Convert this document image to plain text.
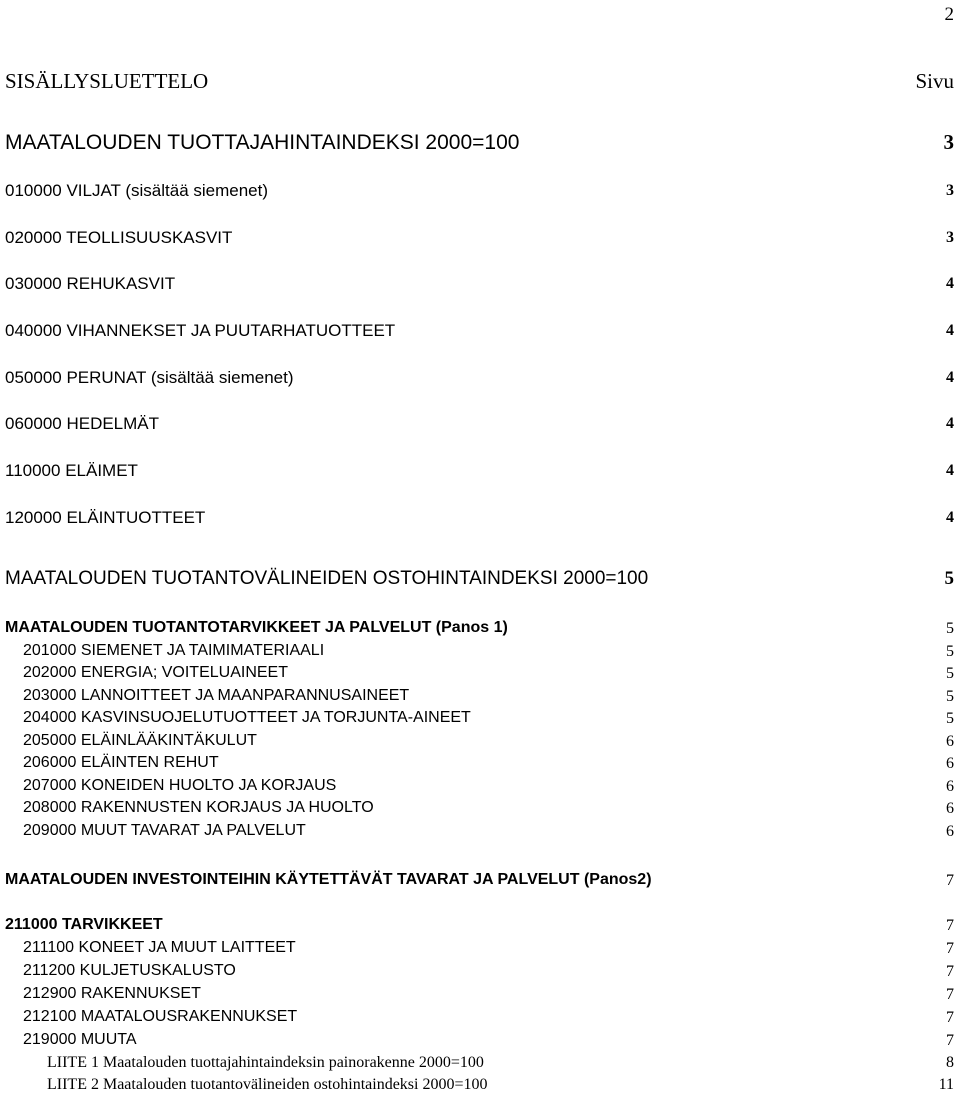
2
SISÄLLYSLUETTELO	Sivu
MAATALOUDEN TUOTTAJAHINTAINDEKSI 2000=100	3
010000 VILJAT (sisältää siemenet)	3
020000 TEOLLISUUSKASVIT	3
030000 REHUKASVIT	4
040000 VIHANNEKSET JA PUUTARHATUOTTEET	4
050000 PERUNAT (sisältää siemenet)	4
060000 HEDELMÄT	4
110000 ELÄIMET	4
120000 ELÄINTUOTTEET	4
MAATALOUDEN TUOTANTOVÄLINEIDEN OSTOHINTAINDEKSI 2000=100	5
MAATALOUDEN TUOTANTOTARVIKKEET JA PALVELUT (Panos 1)	5
201000 SIEMENET JA TAIMIMATERIAALI	5
202000 ENERGIA; VOITELUAINEET	5
203000 LANNOITTEET JA MAANPARANNUSAINEET	5
204000 KASVINSUOJELUTUOTTEET JA TORJUNTA-AINEET	5
205000 ELÄINLÄÄKINTÄKULUT	6
206000 ELÄINTEN REHUT	6
207000 KONEIDEN HUOLTO JA KORJAUS	6
208000 RAKENNUSTEN KORJAUS JA HUOLTO	6
209000 MUUT TAVARAT JA PALVELUT	6
MAATALOUDEN INVESTOINTEIHIN KÄYTETTÄVÄT TAVARAT JA PALVELUT (Panos2)	7
211000 TARVIKKEET	7
211100 KONEET JA MUUT LAITTEET	7
211200 KULJETUSKALUSTO	7
212900 RAKENNUKSET	7
212100 MAATALOUSRAKENNUKSET	7
219000 MUUTA	7
LIITE 1 Maatalouden tuottajahintaindeksin painorakenne 2000=100	8
LIITE 2 Maatalouden tuotantovälineiden ostohintaindeksi 2000=100	11
